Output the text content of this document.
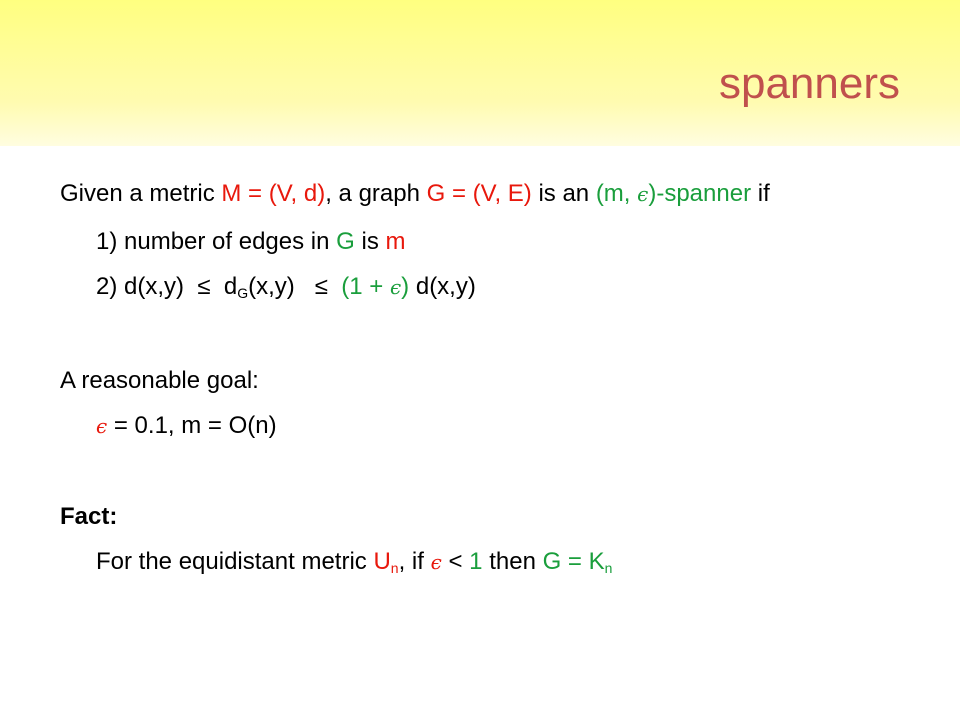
spanners
Given a metric M = (V, d), a graph G = (V, E) is an (m, ϵ)-spanner if
1) number of edges in G is m
2) $d(x,y) \le d_G(x,y) \le (1 + \epsilon)$ d(x,y)
A reasonable goal:
ϵ = 0.1, m = O(n)
Fact:
For the equidistant metric $U_n$, if ϵ < 1 then $G = K_n$
